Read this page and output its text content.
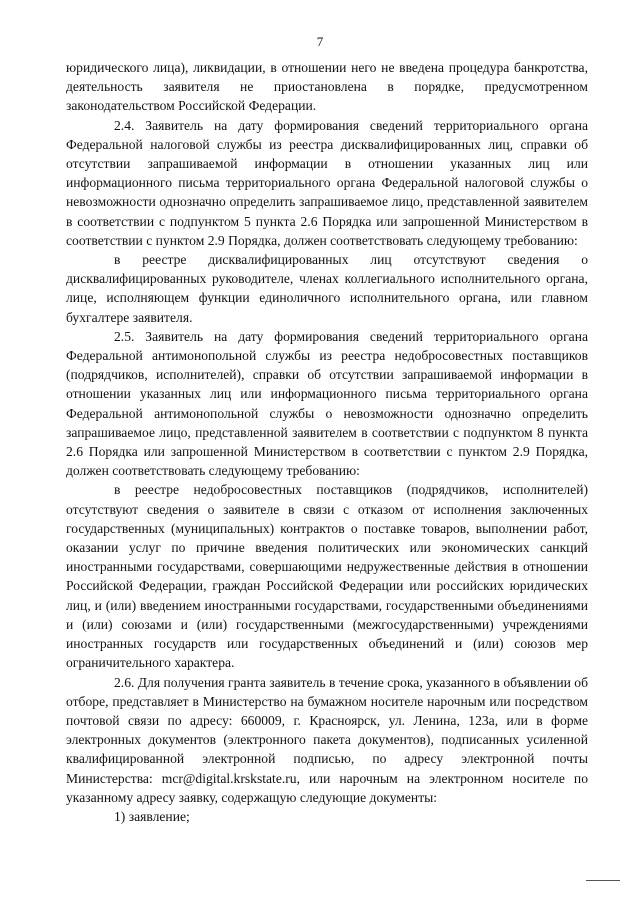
7

юридического лица), ликвидации, в отношении него не введена процедура банкротства, деятельность заявителя не приостановлена в порядке, предусмотренном законодательством Российской Федерации.

2.4. Заявитель на дату формирования сведений территориального органа Федеральной налоговой службы из реестра дисквалифицированных лиц, справки об отсутствии запрашиваемой информации в отношении указанных лиц или информационного письма территориального органа Федеральной налоговой службы о невозможности однозначно определить запрашиваемое лицо, представленной заявителем в соответствии с подпунктом 5 пункта 2.6 Порядка или запрошенной Министерством в соответствии с пунктом 2.9 Порядка, должен соответствовать следующему требованию:

в реестре дисквалифицированных лиц отсутствуют сведения о дисквалифицированных руководителе, членах коллегиального исполнительного органа, лице, исполняющем функции единоличного исполнительного органа, или главном бухгалтере заявителя.

2.5. Заявитель на дату формирования сведений территориального органа Федеральной антимонопольной службы из реестра недобросовестных поставщиков (подрядчиков, исполнителей), справки об отсутствии запрашиваемой информации в отношении указанных лиц или информационного письма территориального органа Федеральной антимонопольной службы о невозможности однозначно определить запрашиваемое лицо, представленной заявителем в соответствии с подпунктом 8 пункта 2.6 Порядка или запрошенной Министерством в соответствии с пунктом 2.9 Порядка, должен соответствовать следующему требованию:

в реестре недобросовестных поставщиков (подрядчиков, исполнителей) отсутствуют сведения о заявителе в связи с отказом от исполнения заключенных государственных (муниципальных) контрактов о поставке товаров, выполнении работ, оказании услуг по причине введения политических или экономических санкций иностранными государствами, совершающими недружественные действия в отношении Российской Федерации, граждан Российской Федерации или российских юридических лиц, и (или) введением иностранными государствами, государственными объединениями и (или) союзами и (или) государственными (межгосударственными) учреждениями иностранных государств или государственных объединений и (или) союзов мер ограничительного характера.

2.6. Для получения гранта заявитель в течение срока, указанного в объявлении об отборе, представляет в Министерство на бумажном носителе нарочным или посредством почтовой связи по адресу: 660009, г. Красноярск, ул. Ленина, 123а, или в форме электронных документов (электронного пакета документов), подписанных усиленной квалифицированной электронной подписью, по адресу электронной почты Министерства: mcr@digital.krskstate.ru, или нарочным на электронном носителе по указанному адресу заявку, содержащую следующие документы:

1) заявление;
